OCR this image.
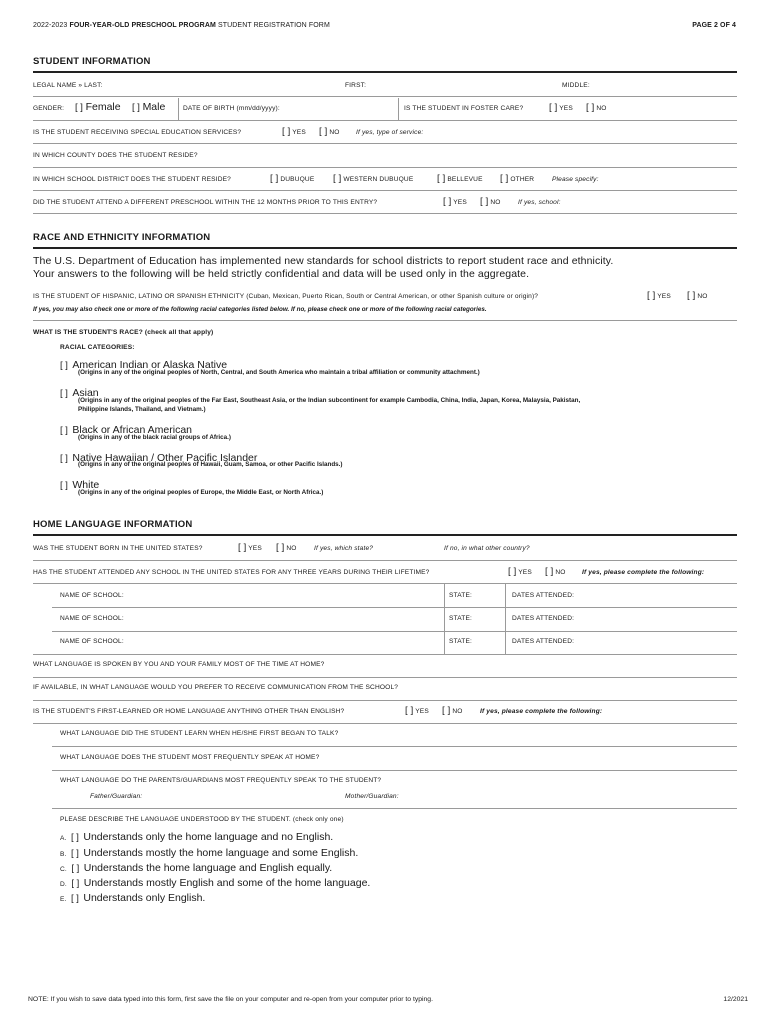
2022-2023 FOUR-YEAR-OLD PRESCHOOL PROGRAM STUDENT REGISTRATION FORM	PAGE 2 OF 4
STUDENT INFORMATION
LEGAL NAME » LAST:	FIRST:	MIDDLE:
GENDER: [ ] Female [ ] Male	DATE OF BIRTH (mm/dd/yyyy):	IS THE STUDENT IN FOSTER CARE?	[ ] YES [ ] NO
IS THE STUDENT RECEIVING SPECIAL EDUCATION SERVICES?	[ ] YES [ ] NO If yes, type of service:
IN WHICH COUNTY DOES THE STUDENT RESIDE?
IN WHICH SCHOOL DISTRICT DOES THE STUDENT RESIDE?	[ ] DUBUQUE [ ] WESTERN DUBUQUE [ ] BELLEVUE [ ] OTHER	Please specify:
DID THE STUDENT ATTEND A DIFFERENT PRESCHOOL WITHIN THE 12 MONTHS PRIOR TO THIS ENTRY?	[ ] YES [ ] NO	If yes, school:
RACE AND ETHNICITY INFORMATION
The U.S. Department of Education has implemented new standards for school districts to report student race and ethnicity.
Your answers to the following will be held strictly confidential and data will be used only in the aggregate.
IS THE STUDENT OF HISPANIC, LATINO OR SPANISH ETHNICITY (Cuban, Mexican, Puerto Rican, South or Central American, or other Spanish culture or origin)?	[ ] YES [ ] NO
If yes, you may also check one or more of the following racial categories listed below. If no, please check one or more of the following racial categories.
WHAT IS THE STUDENT'S RACE? (check all that apply)
RACIAL CATEGORIES:
[ ] American Indian or Alaska Native
(Origins in any of the original peoples of North, Central, and South America who maintain a tribal affiliation or community attachment.)
[ ] Asian
(Origins in any of the original peoples of the Far East, Southeast Asia, or the Indian subcontinent for example Cambodia, China, India, Japan, Korea, Malaysia, Pakistan,
Philippine Islands, Thailand, and Vietnam.)
[ ] Black or African American
(Origins in any of the black racial groups of Africa.)
[ ] Native Hawaiian / Other Pacific Islander
(Origins in any of the original peoples of Hawaii, Guam, Samoa, or other Pacific Islands.)
[ ] White
(Origins in any of the original peoples of Europe, the Middle East, or North Africa.)
HOME LANGUAGE INFORMATION
WAS THE STUDENT BORN IN THE UNITED STATES?	[ ] YES [ ] NO	If yes, which state?	If no, in what other country?
HAS THE STUDENT ATTENDED ANY SCHOOL IN THE UNITED STATES FOR ANY THREE YEARS DURING THEIR LIFETIME?	[ ] YES [ ] NO If yes, please complete the following:
NAME OF SCHOOL:	STATE:	DATES ATTENDED:
NAME OF SCHOOL:	STATE:	DATES ATTENDED:
NAME OF SCHOOL:	STATE:	DATES ATTENDED:
WHAT LANGUAGE IS SPOKEN BY YOU AND YOUR FAMILY MOST OF THE TIME AT HOME?
IF AVAILABLE, IN WHAT LANGUAGE WOULD YOU PREFER TO RECEIVE COMMUNICATION FROM THE SCHOOL?
IS THE STUDENT'S FIRST-LEARNED OR HOME LANGUAGE ANYTHING OTHER THAN ENGLISH?	[ ] YES [ ] NO	If yes, please complete the following:
WHAT LANGUAGE DID THE STUDENT LEARN WHEN HE/SHE FIRST BEGAN TO TALK?
WHAT LANGUAGE DOES THE STUDENT MOST FREQUENTLY SPEAK AT HOME?
WHAT LANGUAGE DO THE PARENTS/GUARDIANS MOST FREQUENTLY SPEAK TO THE STUDENT?
Father/Guardian:	Mother/Guardian:
PLEASE DESCRIBE THE LANGUAGE UNDERSTOOD BY THE STUDENT. (check only one)
A. [ ] Understands only the home language and no English.
B. [ ] Understands mostly the home language and some English.
C. [ ] Understands the home language and English equally.
D. [ ] Understands mostly English and some of the home language.
E. [ ] Understands only English.
NOTE: If you wish to save data typed into this form, first save the file on your computer and re-open from your computer prior to typing.	12/2021
